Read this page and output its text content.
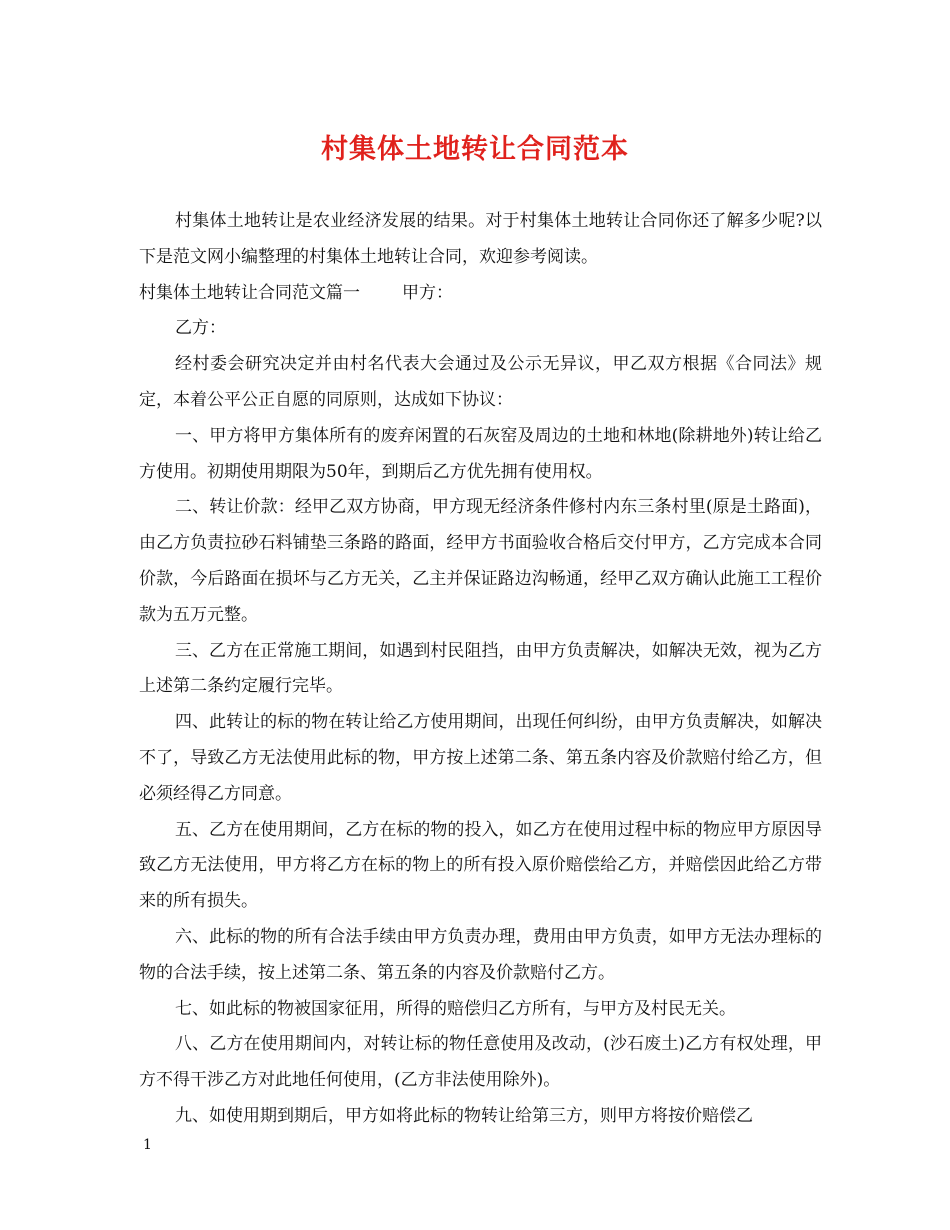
村集体土地转让合同范本

村集体土地转让是农业经济发展的结果。对于村集体土地转让合同你还了解多少呢?以下是范文网小编整理的村集体土地转让合同，欢迎参考阅读。

村集体土地转让合同范文篇一 甲方：

乙方：

经村委会研究决定并由村名代表大会通过及公示无异议，甲乙双方根据《合同法》规定，本着公平公正自愿的同原则，达成如下协议：

一、甲方将甲方集体所有的废弃闲置的石灰窑及周边的土地和林地(除耕地外)转让给乙方使用。初期使用期限为50年，到期后乙方优先拥有使用权。

二、转让价款：经甲乙双方协商，甲方现无经济条件修村内东三条村里(原是土路面)，由乙方负责拉砂石料铺垫三条路的路面，经甲方书面验收合格后交付甲方，乙方完成本合同价款，今后路面在损坏与乙方无关，乙主并保证路边沟畅通，经甲乙双方确认此施工工程价款为五万元整。

三、乙方在正常施工期间，如遇到村民阻挡，由甲方负责解决，如解决无效，视为乙方上述第二条约定履行完毕。

四、此转让的标的物在转让给乙方使用期间，出现任何纠纷，由甲方负责解决，如解决不了，导致乙方无法使用此标的物，甲方按上述第二条、第五条内容及价款赔付给乙方，但必须经得乙方同意。

五、乙方在使用期间，乙方在标的物的投入，如乙方在使用过程中标的物应甲方原因导致乙方无法使用，甲方将乙方在标的物上的所有投入原价赔偿给乙方，并赔偿因此给乙方带来的所有损失。

六、此标的物的所有合法手续由甲方负责办理，费用由甲方负责，如甲方无法办理标的物的合法手续，按上述第二条、第五条的内容及价款赔付乙方。

七、如此标的物被国家征用，所得的赔偿归乙方所有，与甲方及村民无关。

八、乙方在使用期间内，对转让标的物任意使用及改动，(沙石废土)乙方有权处理，甲方不得干涉乙方对此地任何使用，(乙方非法使用除外)。

九、如使用期到期后，甲方如将此标的物转让给第三方，则甲方将按价赔偿乙

1
